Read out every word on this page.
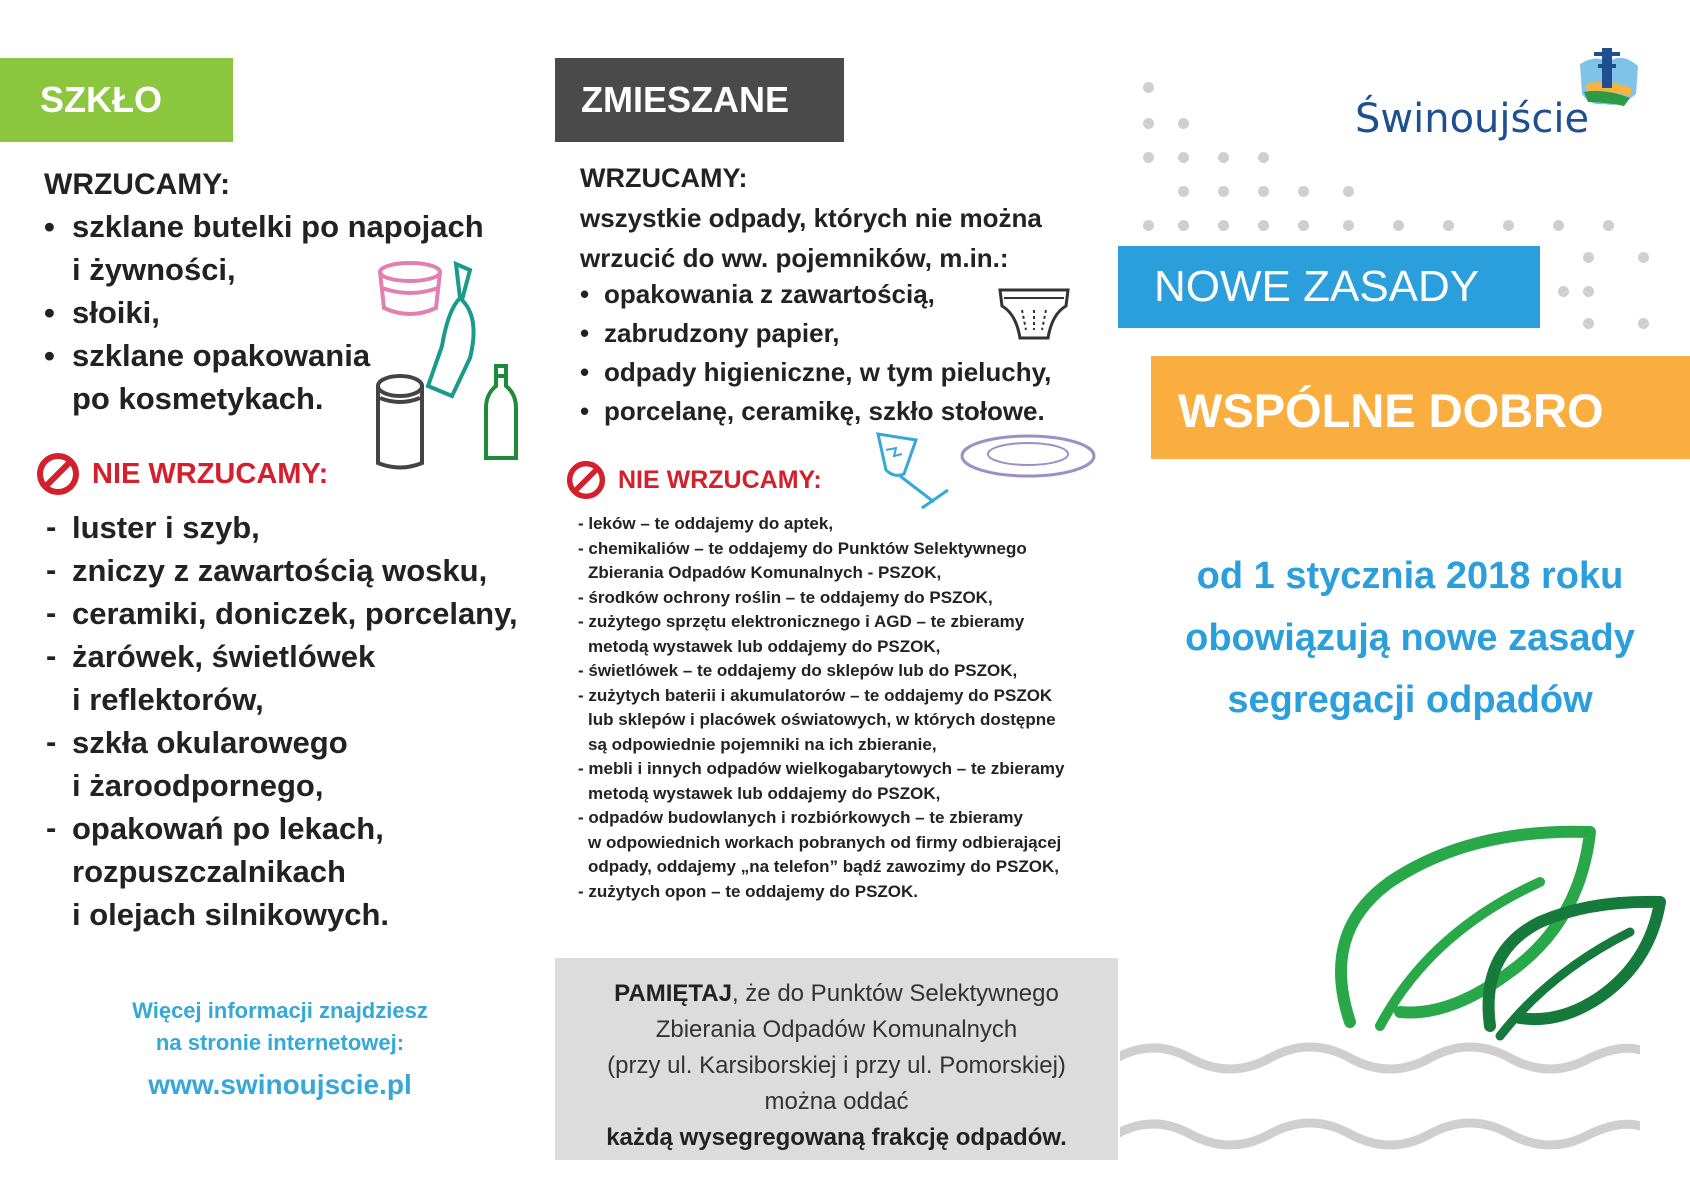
SZKŁO
WRZUCAMY:
• szklane butelki po napojach
i żywności,
• słoiki,
• szklane opakowania
po kosmetykach.
NIE WRZUCAMY:
- luster i szyb,
- zniczy z zawartością wosku,
- ceramiki, doniczek, porcelany,
- żarówek, świetlówek
i reflektorów,
- szkła okularowego
i żaroodpornego,
- opakowań po lekach,
rozpuszczalnikach
i olejach silnikowych.
Więcej informacji znajdziesz
na stronie internetowej:
www.swinoujscie.pl
ZMIESZANE
WRZUCAMY:
wszystkie odpady, których nie można
wrzucić do ww. pojemników, m.in.:
• opakowania z zawartością,
• zabrudzony papier,
• odpady higieniczne, w tym pieluchy,
• porcelanę, ceramikę, szkło stołowe.
NIE WRZUCAMY:
- leków – te oddajemy do aptek,
- chemikaliów – te oddajemy do Punktów Selektywnego
Zbierania Odpadów Komunalnych - PSZOK,
- środków ochrony roślin – te oddajemy do PSZOK,
- zużytego sprzętu elektronicznego i AGD – te zbieramy
metodą wystawek lub oddajemy do PSZOK,
- świetlówek – te oddajemy do sklepów lub do PSZOK,
- zużytych baterii i akumulatorów – te oddajemy do PSZOK
lub sklepów i placówek oświatowych, w których dostępne
są odpowiednie pojemniki na ich zbieranie,
- mebli i innych odpadów wielkogabarytowych – te zbieramy
metodą wystawek lub oddajemy do PSZOK,
- odpadów budowlanych i rozbiórkowych – te zbieramy
w odpowiednich workach pobranych od firmy odbierającej
odpady, oddajemy „na telefon” bądź zawozimy do PSZOK,
- zużytych opon – te oddajemy do PSZOK.
PAMIĘTAJ, że do Punktów Selektywnego
Zbierania Odpadów Komunalnych
(przy ul. Karsiborskiej i przy ul. Pomorskiej)
można oddać
każdą wysegregowaną frakcję odpadów.
Świnoujście
NOWE ZASADY
WSPÓLNE DOBRO
od 1 stycznia 2018 roku
obowiązują nowe zasady
segregacji odpadów
